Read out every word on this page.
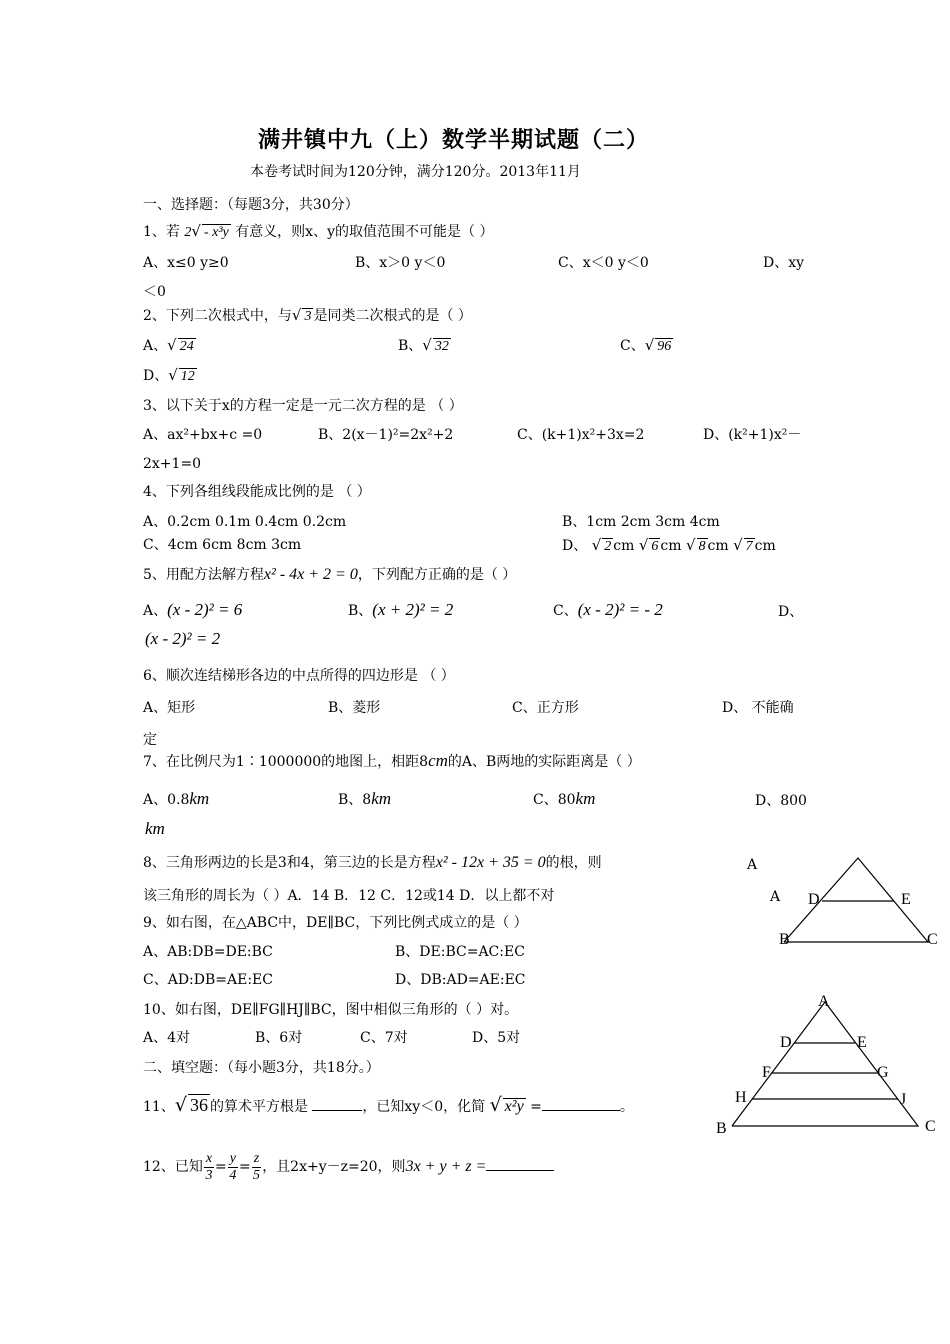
满井镇中九（上）数学半期试题（二）
本卷考试时间为120分钟，满分120分。2013年11月
一、选择题：（每题3分，共30分）
1、若 2√ - x³y 有意义，则x、y的取值范围不可能是（ ）
A、x≤0 y≥0	B、x＞0 y＜0	C、x＜0 y＜0	D、xy
＜0
2、下列二次根式中，与√ 3 是同类二次根式的是（ ）
A、√ 24	B、√ 32	C、√ 96
D、√ 12
3、以下关于x的方程一定是一元二次方程的是 （ ）
A、ax²+bx+c =0	B、2(x－1)²=2x²+2	C、(k+1)x²+3x=2	D、(k²+1)x²－
2x+1=0
4、下列各组线段能成比例的是 （ ）
A、0.2cm 0.1m 0.4cm 0.2cm	B、1cm 2cm 3cm 4cm
C、4cm 6cm 8cm 3cm	D、 √ 2 cm √ 6 cm √ 8 cm √ 7 cm
5、用配方法解方程x² - 4x + 2 = 0，下列配方正确的是（ ）
A、(x - 2)² = 6	B、(x + 2)² = 2	C、(x - 2)² = - 2	D、
(x - 2)² = 2
6、顺次连结梯形各边的中点所得的四边形是 （ ）
A、矩形	B、菱形	C、正方形	D、 不能确
定
7、在比例尺为1∶1000000的地图上，相距8cm的A、B两地的实际距离是（ ）
A、0.8km	B、8km	C、80km	D、800
km
8、三角形两边的长是3和4，第三边的长是方程x² - 12x + 35 = 0的根，则	A
该三角形的周长为（ ）A．14 B．12 C．12或14 D．以上都不对	A
9、如右图，在△ABC中，DE∥BC，下列比例式成立的是（ ）
A、AB:DB=DE:BC	B、DE:BC=AC:EC
C、AD:DB=AE:EC	D、DB:AD=AE:EC
10、如右图，DE∥FG∥HJ∥BC，图中相似三角形的（ ）对。
A、4对	B、6对	C、7对	D、5对
二、填空题：（每小题3分，共18分。）
11、√ 36 的算术平方根是	，已知xy＜0，化简 √ x²y =	。
12、已知 $\frac{x}{3} = \frac{y}{4} = \frac{z}{5}$ ，且2x+y－z=20，则3x + y + z =
D	E
B	C
A
D	E
F	G
H	J
B	C
